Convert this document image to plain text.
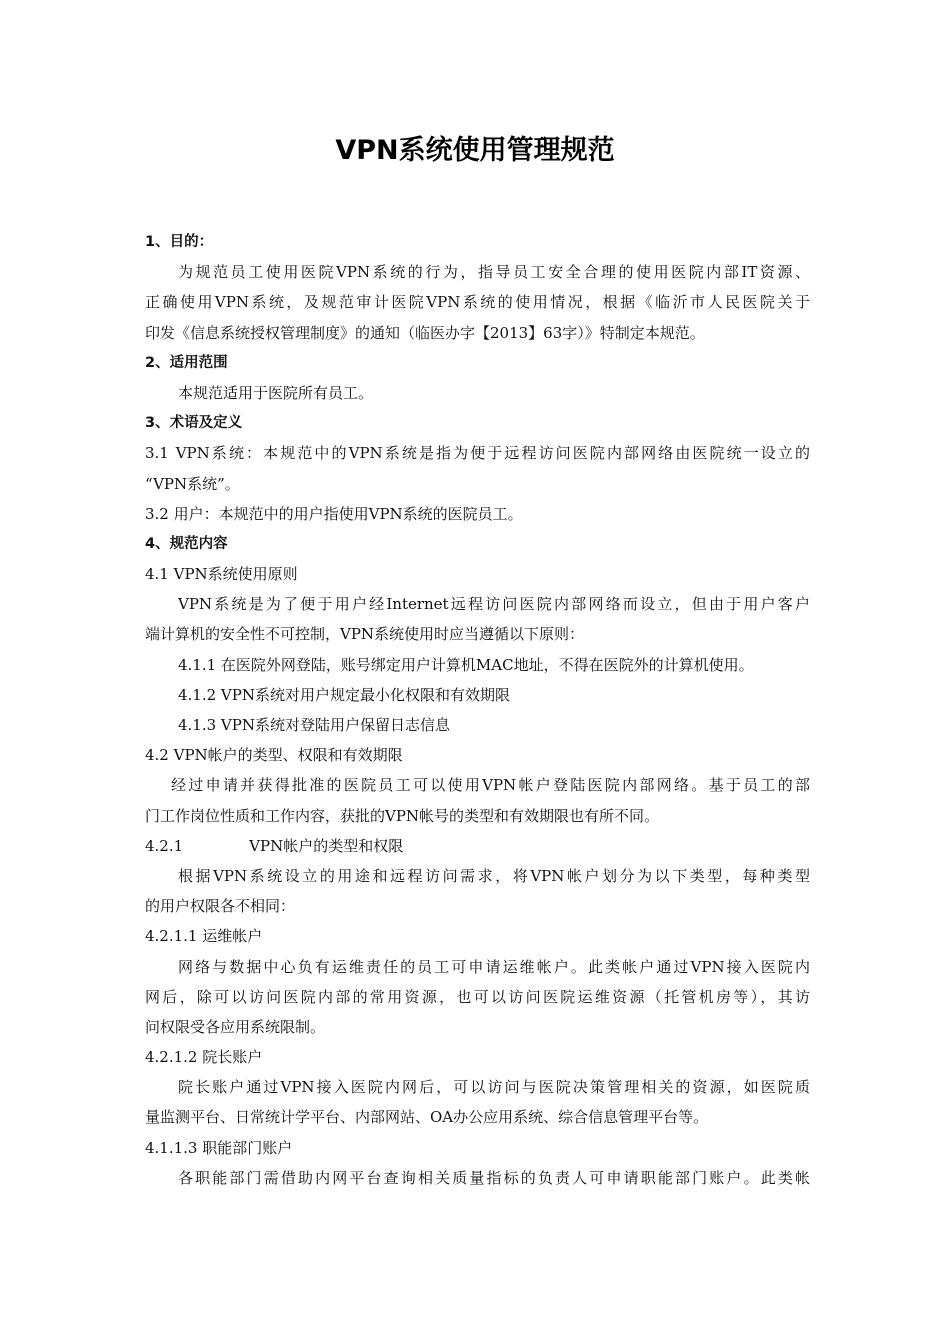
VPN系统使用管理规范
1、目的：
为规范员工使用医院VPN系统的行为，指导员工安全合理的使用医院内部IT资源、
正确使用VPN系统，及规范审计医院VPN系统的使用情况，根据《临沂市人民医院关于
印发《信息系统授权管理制度》的通知（临医办字【2013】63字）》特制定本规范。
2、适用范围
本规范适用于医院所有员工。
3、术语及定义
3.1 VPN系统：本规范中的VPN系统是指为便于远程访问医院内部网络由医院统一设立的
“VPN系统”。
3.2 用户：本规范中的用户指使用VPN系统的医院员工。
4、规范内容
4.1 VPN系统使用原则
VPN系统是为了便于用户经Internet远程访问医院内部网络而设立，但由于用户客户
端计算机的安全性不可控制，VPN系统使用时应当遵循以下原则：
4.1.1 在医院外网登陆，账号绑定用户计算机MAC地址，不得在医院外的计算机使用。
4.1.2 VPN系统对用户规定最小化权限和有效期限
4.1.3 VPN系统对登陆用户保留日志信息
4.2 VPN帐户的类型、权限和有效期限
经过申请并获得批准的医院员工可以使用VPN帐户登陆医院内部网络。基于员工的部
门工作岗位性质和工作内容，获批的VPN帐号的类型和有效期限也有所不同。
4.2.1	VPN帐户的类型和权限
根据VPN系统设立的用途和远程访问需求，将VPN帐户划分为以下类型，每种类型
的用户权限各不相同：
4.2.1.1 运维帐户
网络与数据中心负有运维责任的员工可申请运维帐户。此类帐户通过VPN接入医院内
网后，除可以访问医院内部的常用资源，也可以访问医院运维资源（托管机房等），其访
问权限受各应用系统限制。
4.2.1.2 院长账户
院长账户通过VPN接入医院内网后，可以访问与医院决策管理相关的资源，如医院质
量监测平台、日常统计学平台、内部网站、OA办公应用系统、综合信息管理平台等。
4.1.1.3 职能部门账户
各职能部门需借助内网平台查询相关质量指标的负责人可申请职能部门账户。此类帐
